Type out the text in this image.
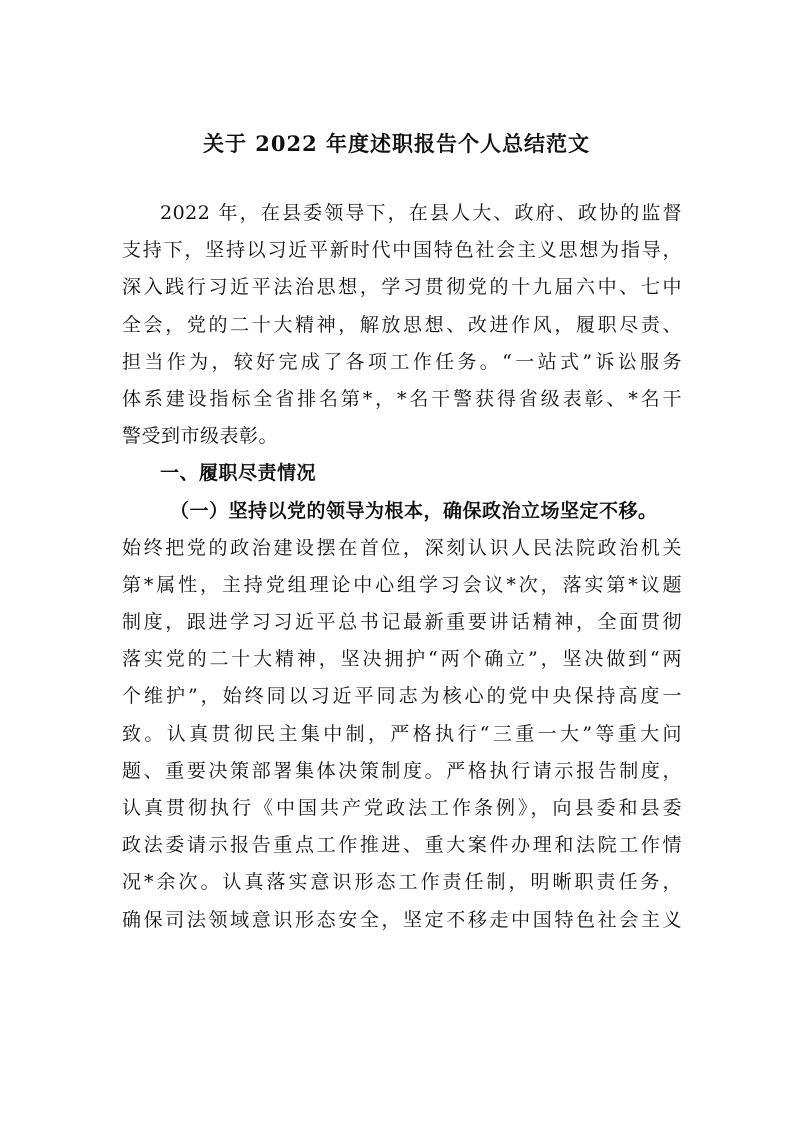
关于 2022 年度述职报告个人总结范文
2022 年，在县委领导下，在县人大、政府、政协的监督
支持下，坚持以习近平新时代中国特色社会主义思想为指导，
深入践行习近平法治思想，学习贯彻党的十九届六中、七中
全会，党的二十大精神，解放思想、改进作风，履职尽责、
担当作为，较好完成了各项工作任务。“一站式”诉讼服务
体系建设指标全省排名第*，*名干警获得省级表彰、*名干
警受到市级表彰。
一、履职尽责情况
（一）坚持以党的领导为根本，确保政治立场坚定不移。
始终把党的政治建设摆在首位，深刻认识人民法院政治机关
第*属性，主持党组理论中心组学习会议*次，落实第*议题
制度，跟进学习习近平总书记最新重要讲话精神，全面贯彻
落实党的二十大精神，坚决拥护“两个确立”，坚决做到“两
个维护”，始终同以习近平同志为核心的党中央保持高度一
致。认真贯彻民主集中制，严格执行“三重一大”等重大问
题、重要决策部署集体决策制度。严格执行请示报告制度，
认真贯彻执行《中国共产党政法工作条例》，向县委和县委
政法委请示报告重点工作推进、重大案件办理和法院工作情
况*余次。认真落实意识形态工作责任制，明晰职责任务，
确保司法领域意识形态安全，坚定不移走中国特色社会主义
